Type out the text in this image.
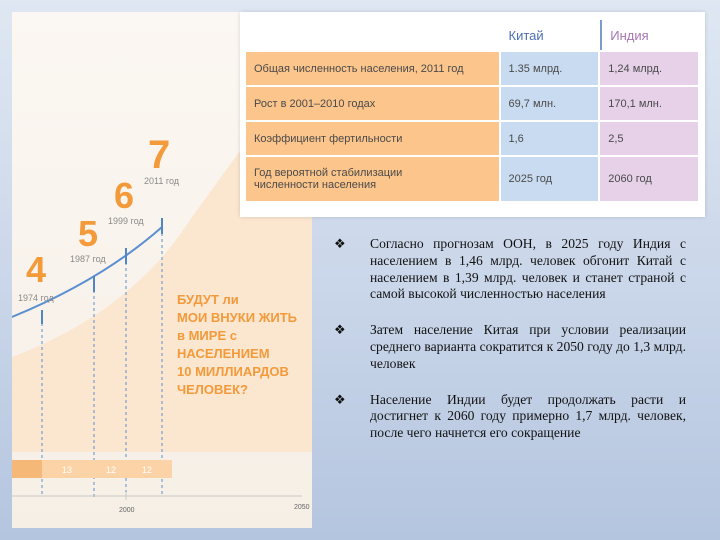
4
5
6
7
1974 год
1987 год
1999 год
2011 год
БУДУТ ли
МОИ ВНУКИ ЖИТЬ
в МИРЕ с
НАСЕЛЕНИЕМ
10 МИЛЛИАРДОВ
ЧЕЛОВЕК?
13	12	12
2000	2050
	Китай	Индия
Общая численность населения, 2011 год	1.35 млрд.	1,24 млрд.
Рост в 2001–2010 годах	69,7 млн.	170,1 млн.
Коэффициент фертильности	1,6	2,5
Год вероятной стабилизации
численности населения	2025 год	2060 год
❖ Согласно прогнозам ООН, в 2025 году Индия с населением в 1,46 млрд. человек обгонит Китай с населением в 1,39 млрд. человек и станет страной с самой высокой численностью населения
❖ Затем население Китая при условии реализации среднего варианта сократится к 2050 году до 1,3 млрд. человек
❖ Население Индии будет продолжать расти и достигнет к 2060 году примерно 1,7 млрд. человек, после чего начнется его сокращение
